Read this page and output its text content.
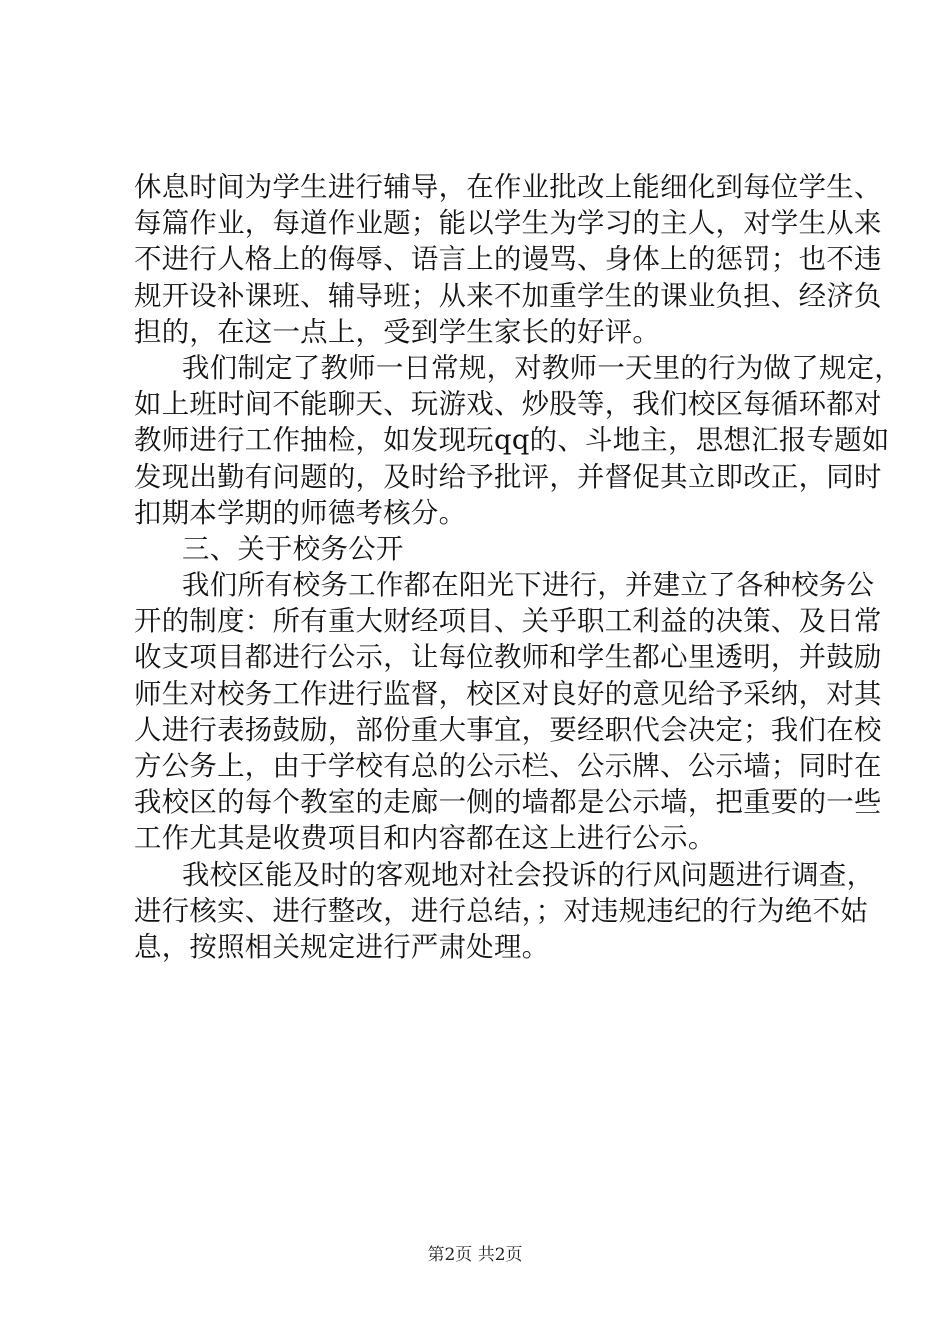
休息时间为学生进行辅导，在作业批改上能细化到每位学生、
每篇作业，每道作业题；能以学生为学习的主人，对学生从来
不进行人格上的侮辱、语言上的谩骂、身体上的惩罚；也不违
规开设补课班、辅导班；从来不加重学生的课业负担、经济负
担的，在这一点上，受到学生家长的好评。
我们制定了教师一日常规，对教师一天里的行为做了规定，
如上班时间不能聊天、玩游戏、炒股等，我们校区每循环都对
教师进行工作抽检，如发现玩qq的、斗地主，思想汇报专题如
发现出勤有问题的，及时给予批评，并督促其立即改正，同时
扣期本学期的师德考核分。
三、关于校务公开
我们所有校务工作都在阳光下进行，并建立了各种校务公
开的制度：所有重大财经项目、关乎职工利益的决策、及日常
收支项目都进行公示，让每位教师和学生都心里透明，并鼓励
师生对校务工作进行监督，校区对良好的意见给予采纳，对其
人进行表扬鼓励，部份重大事宜，要经职代会决定；我们在校
方公务上，由于学校有总的公示栏、公示牌、公示墙；同时在
我校区的每个教室的走廊一侧的墙都是公示墙，把重要的一些
工作尤其是收费项目和内容都在这上进行公示。
我校区能及时的客观地对社会投诉的行风问题进行调查，
进行核实、进行整改，进行总结，；对违规违纪的行为绝不姑
息，按照相关规定进行严肃处理。
第2页 共2页
